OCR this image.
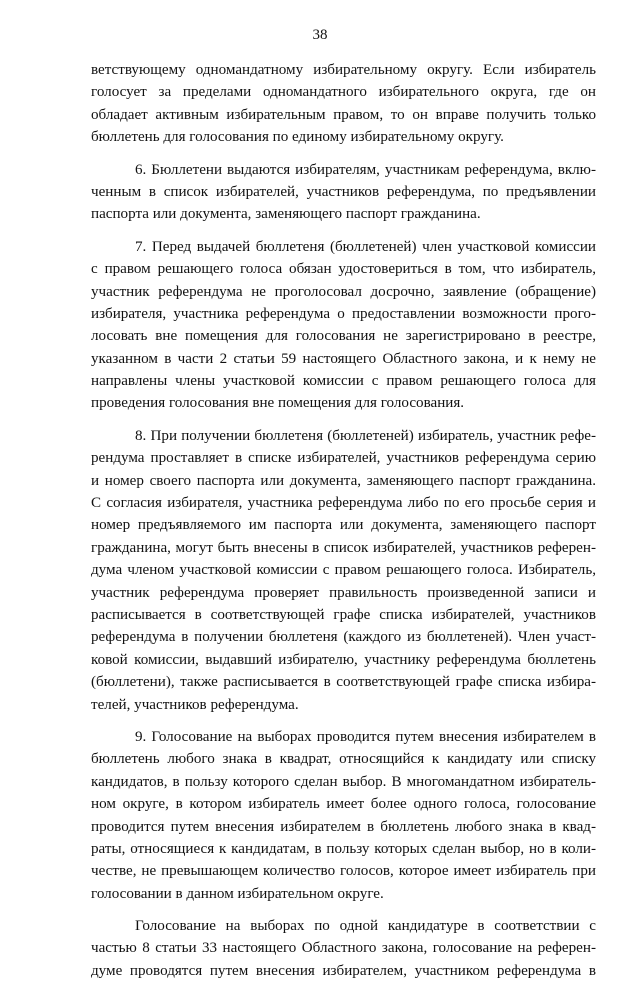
38

ветствующему одномандатному избирательному округу. Если избиратель
голосует за пределами одномандатного избирательного округа, где он
обладает активным избирательным правом, то он вправе получить только
бюллетень для голосования по единому избирательному округу.

6. Бюллетени выдаются избирателям, участникам референдума, вклю-
ченным в список избирателей, участников референдума, по предъявлении
паспорта или документа, заменяющего паспорт гражданина.

7. Перед выдачей бюллетеня (бюллетеней) член участковой комиссии
с правом решающего голоса обязан удостовериться в том, что избиратель,
участник референдума не проголосовал досрочно, заявление (обращение)
избирателя, участника референдума о предоставлении возможности прого-
лосовать вне помещения для голосования не зарегистрировано в реестре,
указанном в части 2 статьи 59 настоящего Областного закона, и к нему не
направлены члены участковой комиссии с правом решающего голоса для
проведения голосования вне помещения для голосования.

8. При получении бюллетеня (бюллетеней) избиратель, участник рефе-
рендума проставляет в списке избирателей, участников референдума серию
и номер своего паспорта или документа, заменяющего паспорт гражданина.
С согласия избирателя, участника референдума либо по его просьбе серия и
номер предъявляемого им паспорта или документа, заменяющего паспорт
гражданина, могут быть внесены в список избирателей, участников референ-
дума членом участковой комиссии с правом решающего голоса. Избиратель,
участник референдума проверяет правильность произведенной записи и
расписывается в соответствующей графе списка избирателей, участников
референдума в получении бюллетеня (каждого из бюллетеней). Член участ-
ковой комиссии, выдавший избирателю, участнику референдума бюллетень
(бюллетени), также расписывается в соответствующей графе списка избира-
телей, участников референдума.

9. Голосование на выборах проводится путем внесения избирателем в
бюллетень любого знака в квадрат, относящийся к кандидату или списку
кандидатов, в пользу которого сделан выбор. В многомандатном избиратель-
ном округе, в котором избиратель имеет более одного голоса, голосование
проводится путем внесения избирателем в бюллетень любого знака в квад-
раты, относящиеся к кандидатам, в пользу которых сделан выбор, но в коли-
честве, не превышающем количество голосов, которое имеет избиратель при
голосовании в данном избирательном округе.

Голосование на выборах по одной кандидатуре в соответствии с
частью 8 статьи 33 настоящего Областного закона, голосование на референ-
думе проводятся путем внесения избирателем, участником референдума в
